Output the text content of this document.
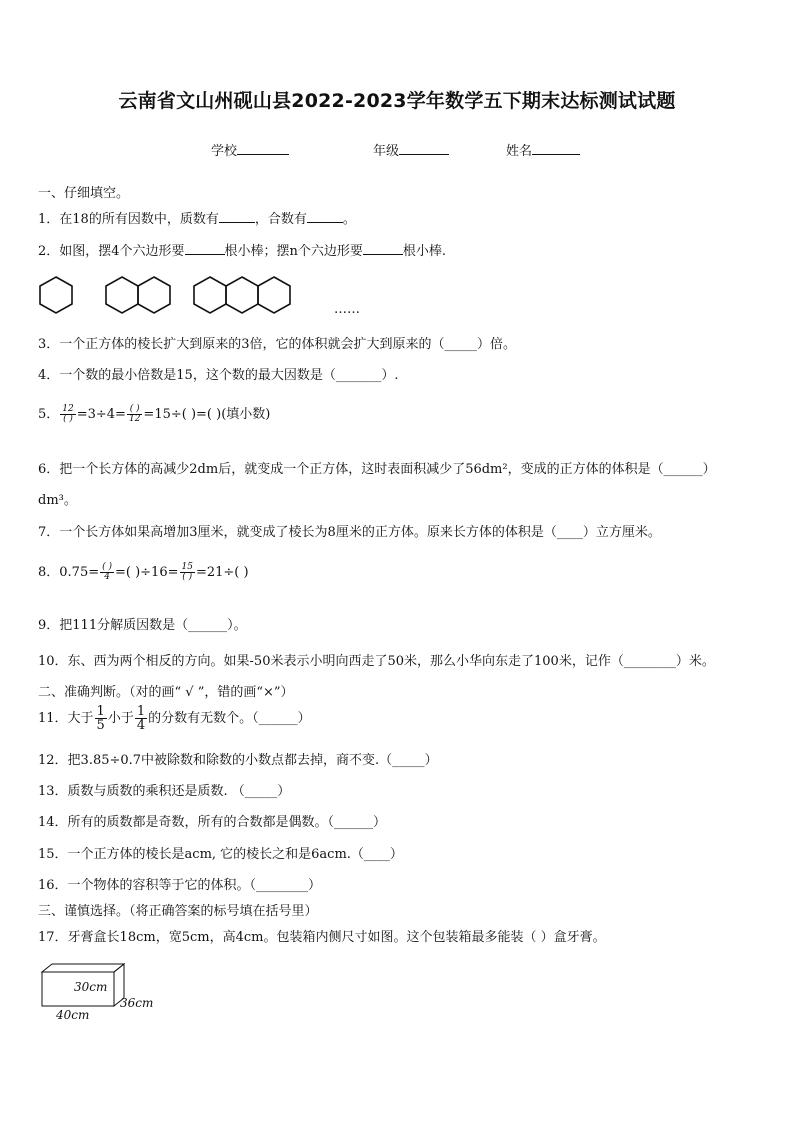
云南省文山州砚山县2022-2023学年数学五下期末达标测试试题
学校	年级	姓名
一、仔细填空。
1．在18的所有因数中，质数有	，合数有	。
2．如图，摆4个六边形要	根小棒；摆n个六边形要	根小棒.
……
3．一个正方体的棱长扩大到原来的3倍，它的体积就会扩大到原来的（_____）倍。
4．一个数的最小倍数是15，这个数的最大因数是（_______）.
5． $\frac{12}{( )} =3\div 4= \frac{( )}{12} =15\div$( )=( )(填小数)
6．把一个长方体的高减少2dm后，就变成一个正方体，这时表面积减少了56dm²，变成的正方体的体积是（______）
dm³。
7．一个长方体如果高增加3厘米，就变成了棱长为8厘米的正方体。原来长方体的体积是（____）立方厘米。
8．$0.75= \frac{( )}{4}$ =( )$\div 16= \frac{15}{( )} =21\div$( )
9．把111分解质因数是（______）。
10．东、西为两个相反的方向。如果-50米表示小明向西走了50米，那么小华向东走了100米，记作（________）米。
二、准确判断。（对的画“ √ ”，错的画“×”）
11．大于 $\frac{1}{5}$ 小于 $\frac{1}{4}$ 的分数有无数个。（______）
12．把3.85÷0.7中被除数和除数的小数点都去掉，商不变.（_____）
13．质数与质数的乘积还是质数. （_____）
14．所有的质数都是奇数，所有的合数都是偶数。（______）
15．一个正方体的棱长是acm, 它的棱长之和是6acm.（____）
16．一个物体的容积等于它的体积。（________）
三、谨慎选择。（将正确答案的标号填在括号里）
17．牙膏盒长18cm，宽5cm，高4cm。包装箱内侧尺寸如图。这个包装箱最多能装（ ）盒牙膏。
30cm
36cm
40cm
